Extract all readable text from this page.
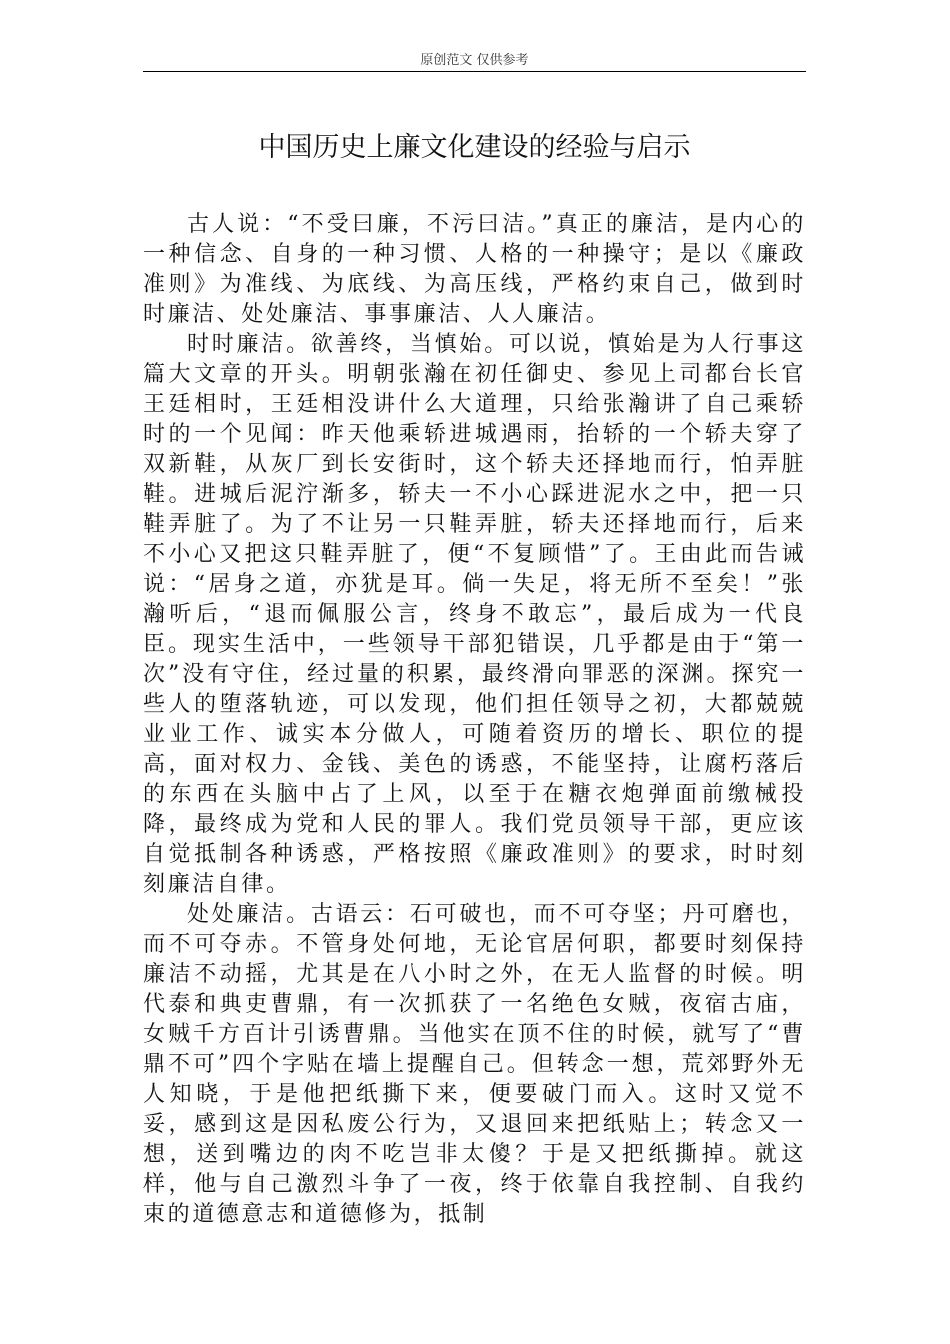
原创范文 仅供参考
中国历史上廉文化建设的经验与启示

古人说：“不受曰廉，不污曰洁。”真正的廉洁，是内心的一种信念、自身的一种习惯、人格的一种操守；是以《廉政准则》为准线、为底线、为高压线，严格约束自己，做到时时廉洁、处处廉洁、事事廉洁、人人廉洁。

时时廉洁。欲善终，当慎始。可以说，慎始是为人行事这篇大文章的开头。明朝张瀚在初任御史、参见上司都台长官王廷相时，王廷相没讲什么大道理，只给张瀚讲了自己乘轿时的一个见闻：昨天他乘轿进城遇雨，抬轿的一个轿夫穿了双新鞋，从灰厂到长安街时，这个轿夫还择地而行，怕弄脏鞋。进城后泥泞渐多，轿夫一不小心踩进泥水之中，把一只鞋弄脏了。为了不让另一只鞋弄脏，轿夫还择地而行，后来不小心又把这只鞋弄脏了，便“不复顾惜”了。王由此而告诫说：“居身之道，亦犹是耳。倘一失足，将无所不至矣！”张瀚听后，“退而佩服公言，终身不敢忘”，最后成为一代良臣。现实生活中，一些领导干部犯错误，几乎都是由于“第一次”没有守住，经过量的积累，最终滑向罪恶的深渊。探究一些人的堕落轨迹，可以发现，他们担任领导之初，大都兢兢业业工作、诚实本分做人，可随着资历的增长、职位的提高，面对权力、金钱、美色的诱惑，不能坚持，让腐朽落后的东西在头脑中占了上风，以至于在糖衣炮弹面前缴械投降，最终成为党和人民的罪人。我们党员领导干部，更应该自觉抵制各种诱惑，严格按照《廉政准则》的要求，时时刻刻廉洁自律。

处处廉洁。古语云：石可破也，而不可夺坚；丹可磨也，而不可夺赤。不管身处何地，无论官居何职，都要时刻保持廉洁不动摇，尤其是在八小时之外，在无人监督的时候。明代泰和典吏曹鼎，有一次抓获了一名绝色女贼，夜宿古庙，女贼千方百计引诱曹鼎。当他实在顶不住的时候，就写了“曹鼎不可”四个字贴在墙上提醒自己。但转念一想，荒郊野外无人知晓，于是他把纸撕下来，便要破门而入。这时又觉不妥，感到这是因私废公行为，又退回来把纸贴上；转念又一想，送到嘴边的肉不吃岂非太傻？于是又把纸撕掉。就这样，他与自己激烈斗争了一夜，终于依靠自我控制、自我约束的道德意志和道德修为，抵制
